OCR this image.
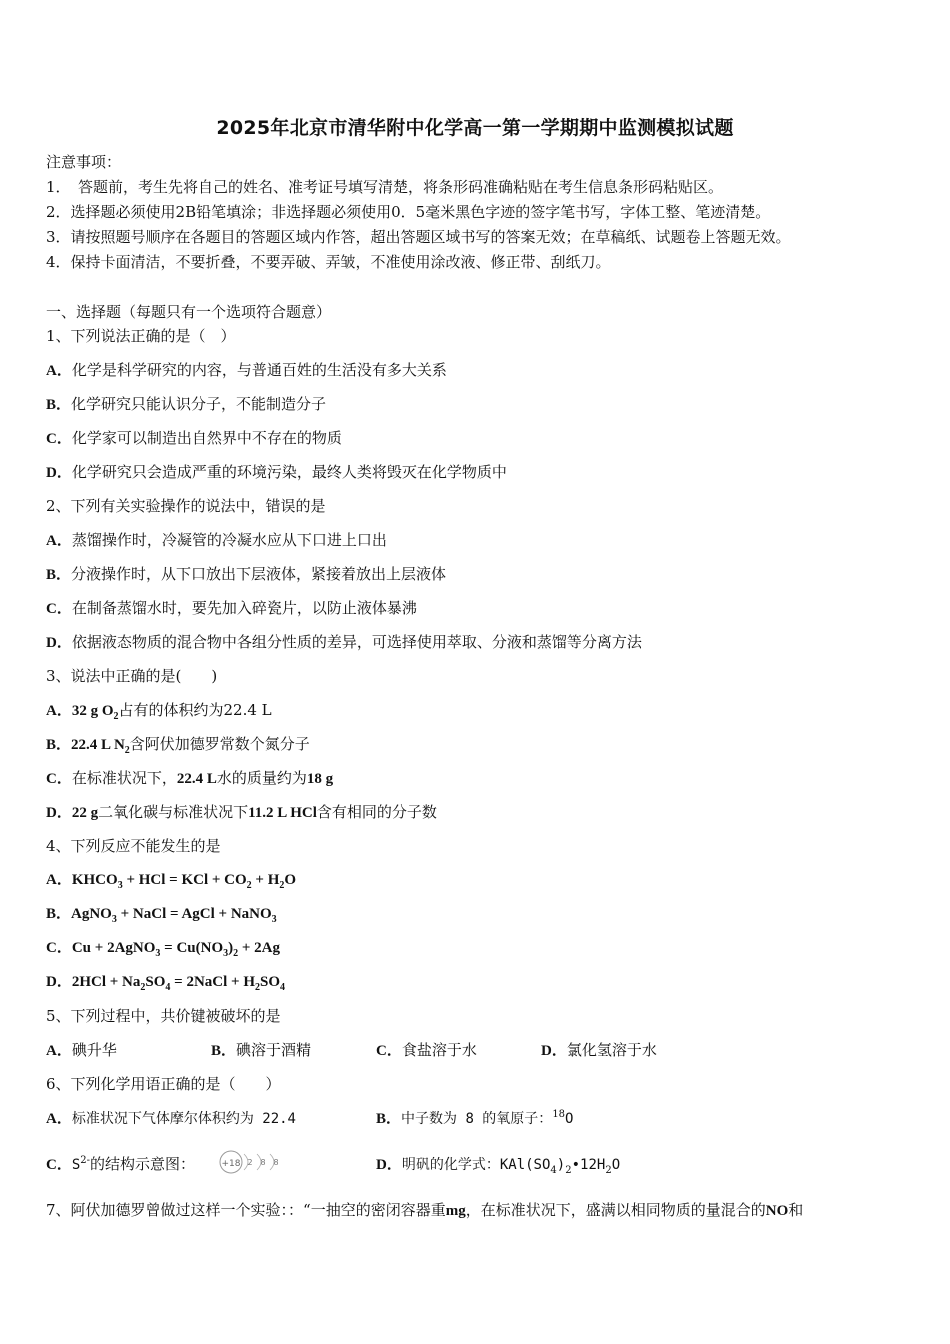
2025年北京市清华附中化学高一第一学期期中监测模拟试题
注意事项：
1．　答题前，考生先将自己的姓名、准考证号填写清楚，将条形码准确粘贴在考生信息条形码粘贴区。
2．选择题必须使用2B铅笔填涂；非选择题必须使用0．5毫米黑色字迹的签字笔书写，字体工整、笔迹清楚。
3．请按照题号顺序在各题目的答题区域内作答，超出答题区域书写的答案无效；在草稿纸、试题卷上答题无效。
4．保持卡面清洁，不要折叠，不要弄破、弄皱，不准使用涂改液、修正带、刮纸刀。
一、选择题（每题只有一个选项符合题意）
1、下列说法正确的是（　）
A．化学是科学研究的内容，与普通百姓的生活没有多大关系
B．化学研究只能认识分子，不能制造分子
C．化学家可以制造出自然界中不存在的物质
D．化学研究只会造成严重的环境污染，最终人类将毁灭在化学物质中
2、下列有关实验操作的说法中，错误的是
A．蒸馏操作时，冷凝管的冷凝水应从下口进上口出
B．分液操作时，从下口放出下层液体，紧接着放出上层液体
C．在制备蒸馏水时，要先加入碎瓷片，以防止液体暴沸
D．依据液态物质的混合物中各组分性质的差异，可选择使用萃取、分液和蒸馏等分离方法
3、说法中正确的是(　　)
A．32 g $O_2$占有的体积约为22.4 L
B．22.4 L $N_2$含阿伏加德罗常数个氮分子
C．在标准状况下，22.4 L水的质量约为18 g
D．22 g二氧化碳与标准状况下11.2 L HCl含有相同的分子数
4、下列反应不能发生的是
A．$KHCO_3$ + HCl = KCl + $CO_2 + H_2O$
B．AgNO$_3$ + NaCl = AgCl + NaNO$_3$
C．Cu + 2AgNO$_3$ = $Cu(NO_3)_2 + 2Ag$
D．$2HCl + Na_2SO_4$ = 2NaCl + $H_2SO_4$
5、下列过程中，共价键被破坏的是
A．碘升华	B．碘溶于酒精	C．食盐溶于水	D．氯化氢溶于水
6、下列化学用语正确的是（　　）
A．标准状况下气体摩尔体积约为 22.4	B．中子数为 8 的氧原子：$^{18}$O
C．$S^{2-}$的结构示意图：	+18 2 8 8	D．明矾的化学式：$KAl(SO_4)_2•12H_2O$
7、阿伏加德罗曾做过这样一个实验：：“一抽空的密闭容器重mg，在标准状况下，盛满以相同物质的量混合的NO和
